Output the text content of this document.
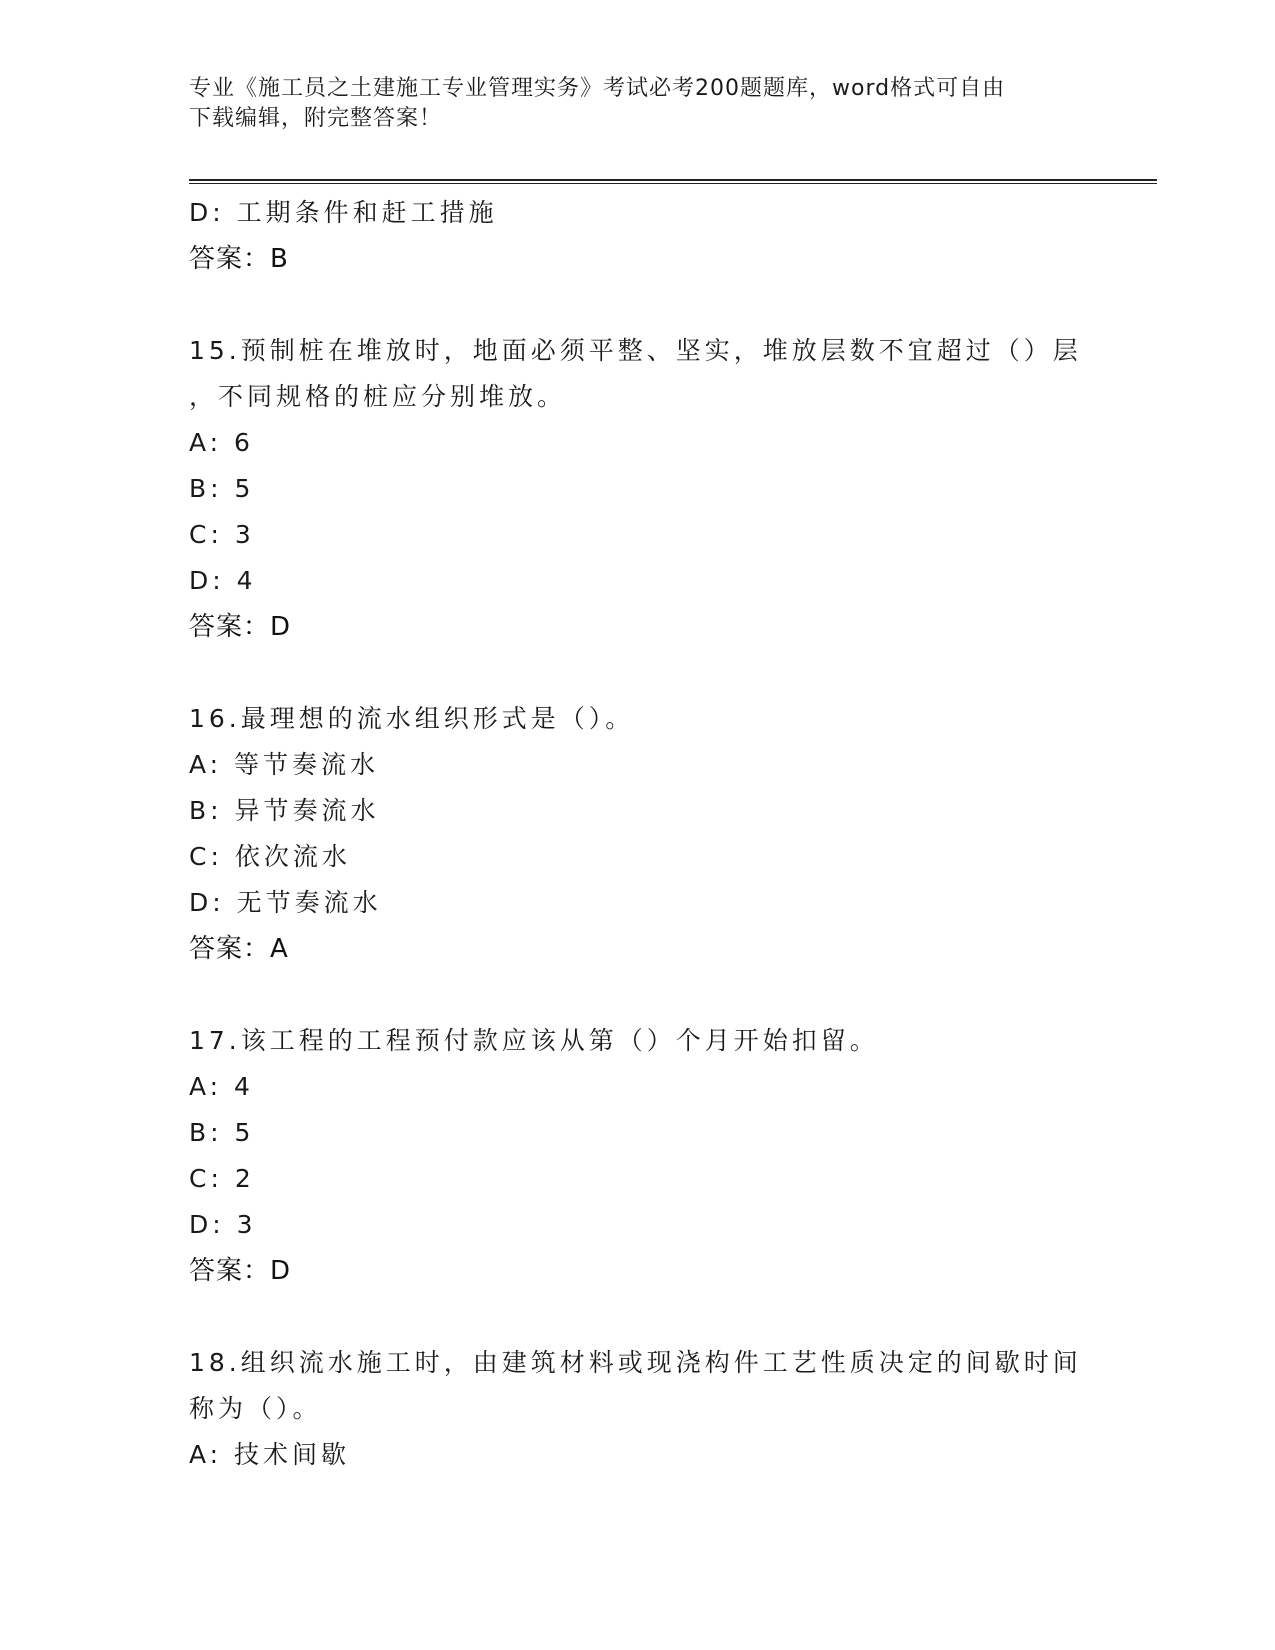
专业《施工员之土建施工专业管理实务》考试必考200题题库，word格式可自由
下载编辑，附完整答案！
D: 工期条件和赶工措施
答案：B
15.预制桩在堆放时，地面必须平整、坚实，堆放层数不宜超过（）层
，不同规格的桩应分别堆放。
A: 6
B: 5
C: 3
D: 4
答案：D
16.最理想的流水组织形式是（）。
A: 等节奏流水
B: 异节奏流水
C: 依次流水
D: 无节奏流水
答案：A
17.该工程的工程预付款应该从第（）个月开始扣留。
A: 4
B: 5
C: 2
D: 3
答案：D
18.组织流水施工时，由建筑材料或现浇构件工艺性质决定的间歇时间
称为（）。
A: 技术间歇
